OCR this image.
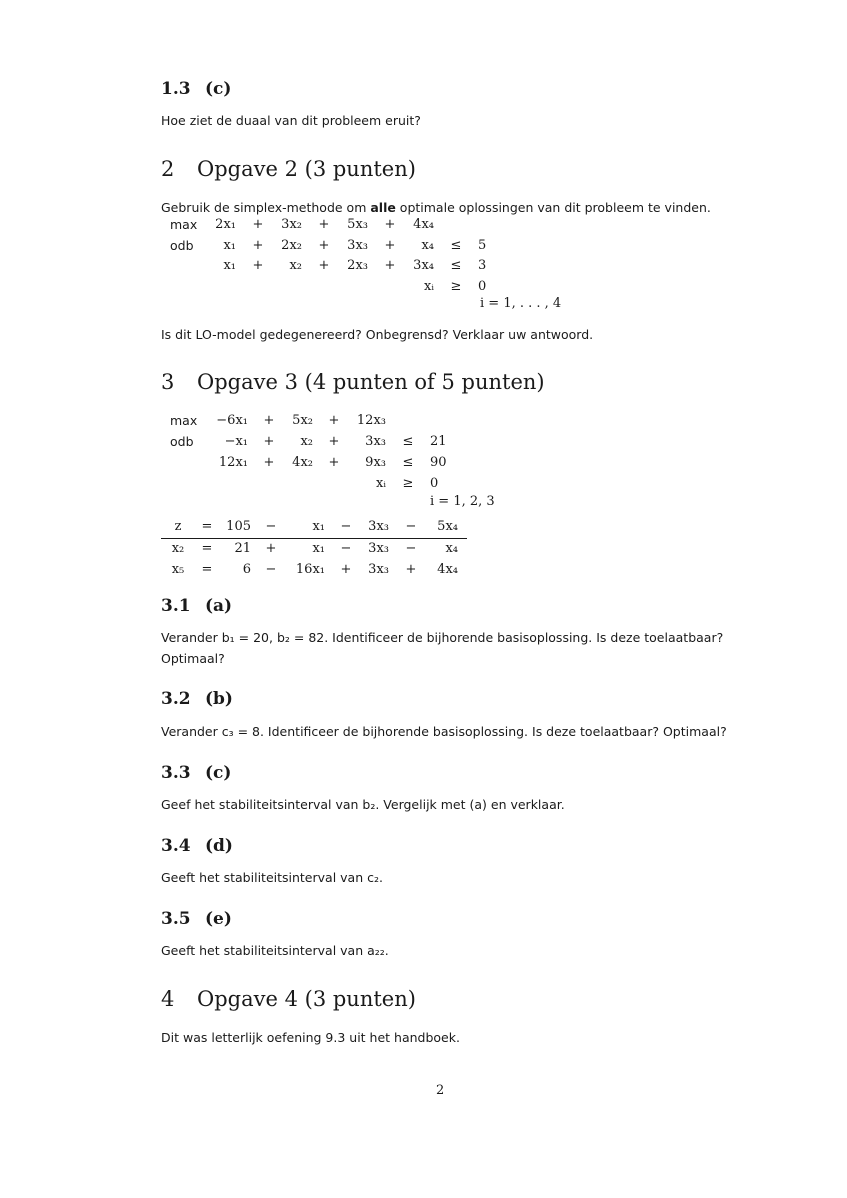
1.3 (c)
Hoe ziet de duaal van dit probleem eruit?
2 Opgave 2 (3 punten)
Gebruik de simplex-methode om alle optimale oplossingen van dit probleem te vinden.
max	2x₁	+	3x₂	+	5x₃	+	4x₄
odb	x₁	+	2x₂	+	3x₃	+	x₄	≤	5
x₁	+	x₂	+	2x₃	+	3x₄	≤	3
xᵢ	≥	0
i = 1, . . . , 4
Is dit LO-model gedegenereerd? Onbegrensd? Verklaar uw antwoord.
3 Opgave 3 (4 punten of 5 punten)
max	−6x₁	+	5x₂	+	12x₃
odb	−x₁	+	x₂	+	3x₃	≤	21
12x₁	+	4x₂	+	9x₃	≤	90
xᵢ	≥	0
i = 1, 2, 3
z	=	105	−	x₁	−	3x₃	−	5x₄
x₂	=	21	+	x₁	−	3x₃	−	x₄
x₅	=	6	−	16x₁	+	3x₃	+	4x₄
3.1 (a)
Verander b₁ = 20, b₂ = 82. Identificeer de bijhorende basisoplossing. Is deze toelaatbaar?
Optimaal?
3.2 (b)
Verander c₃ = 8. Identificeer de bijhorende basisoplossing. Is deze toelaatbaar? Optimaal?
3.3 (c)
Geef het stabiliteitsinterval van b₂. Vergelijk met (a) en verklaar.
3.4 (d)
Geeft het stabiliteitsinterval van c₂.
3.5 (e)
Geeft het stabiliteitsinterval van a₂₂.
4 Opgave 4 (3 punten)
Dit was letterlijk oefening 9.3 uit het handboek.
2
